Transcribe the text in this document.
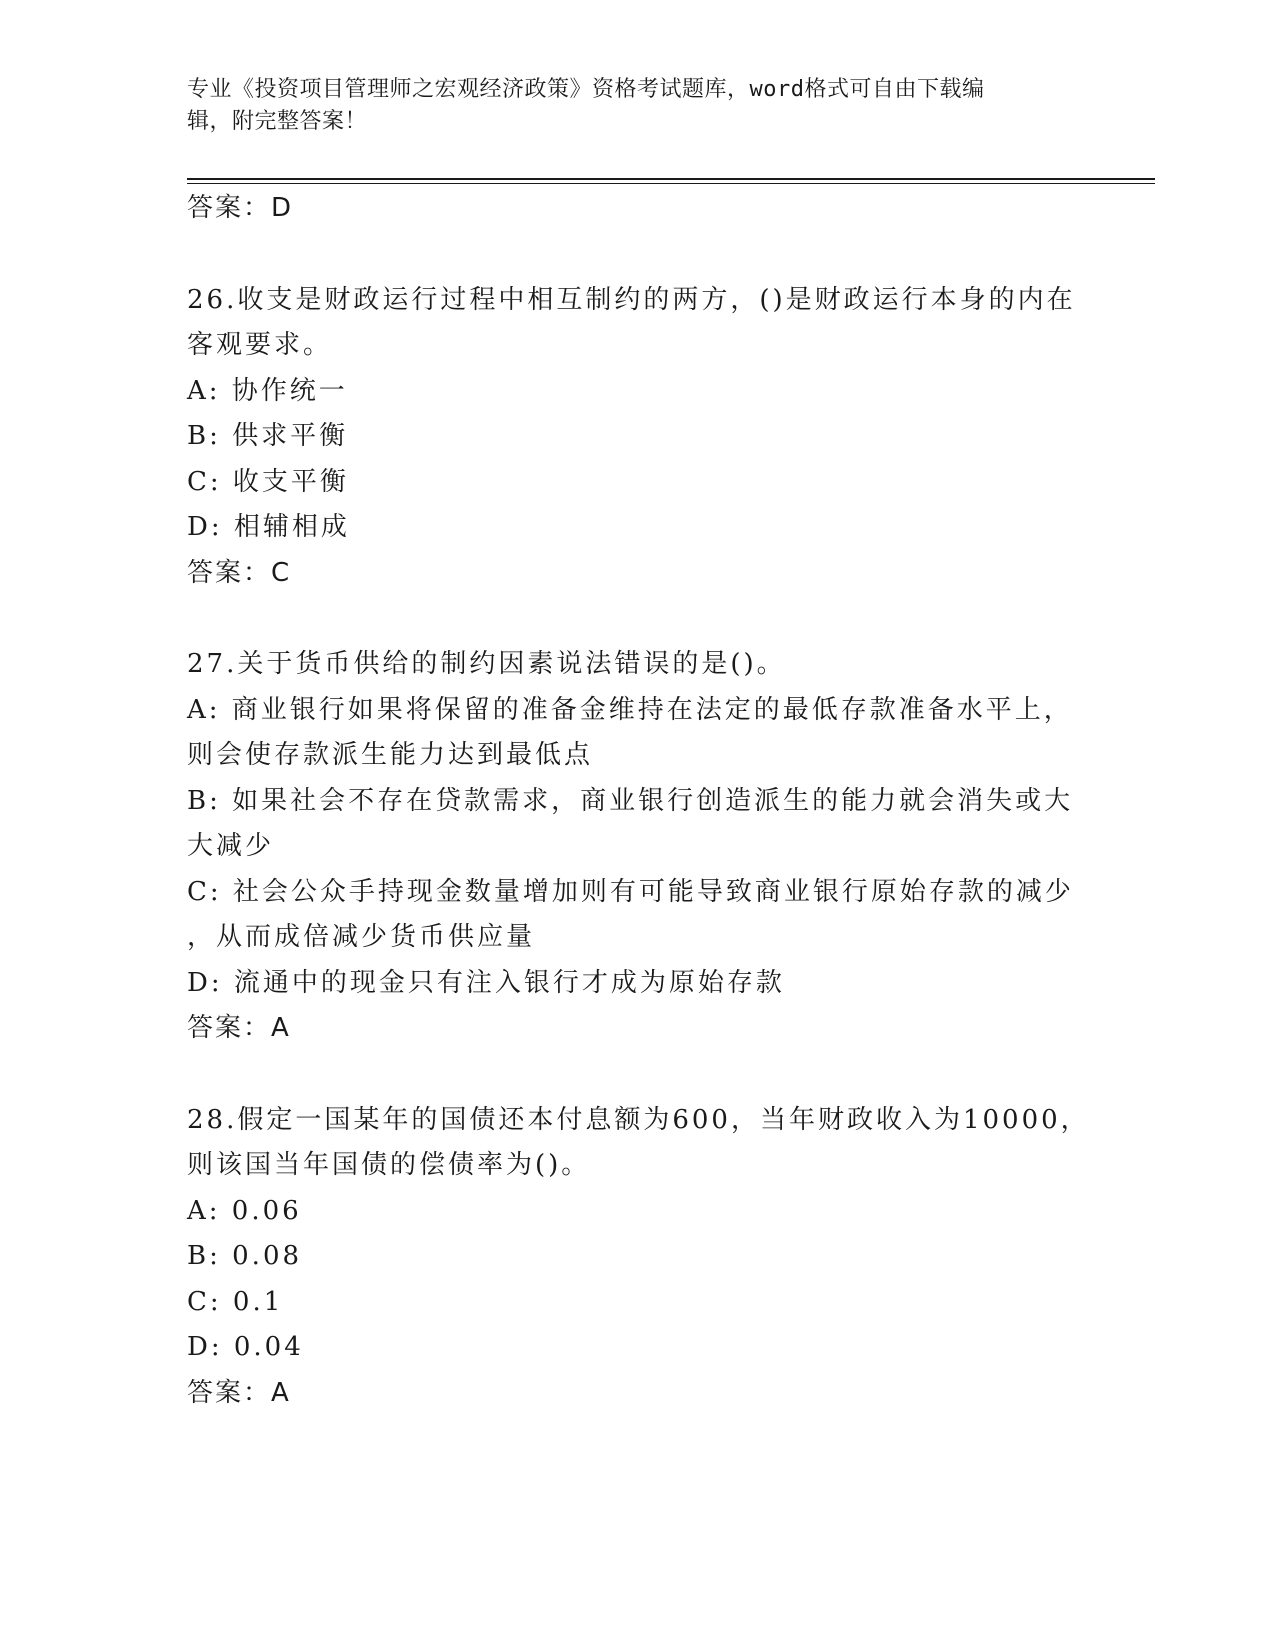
专业《投资项目管理师之宏观经济政策》资格考试题库，word格式可自由下载编
辑，附完整答案！
答案：D
26.收支是财政运行过程中相互制约的两方，()是财政运行本身的内在
客观要求。
A: 协作统一
B: 供求平衡
C: 收支平衡
D: 相辅相成
答案：C
27.关于货币供给的制约因素说法错误的是()。
A: 商业银行如果将保留的准备金维持在法定的最低存款准备水平上，
则会使存款派生能力达到最低点
B: 如果社会不存在贷款需求，商业银行创造派生的能力就会消失或大
大减少
C: 社会公众手持现金数量增加则有可能导致商业银行原始存款的减少
，从而成倍减少货币供应量
D: 流通中的现金只有注入银行才成为原始存款
答案：A
28.假定一国某年的国债还本付息额为600，当年财政收入为10000，
则该国当年国债的偿债率为()。
A: 0.06
B: 0.08
C: 0.1
D: 0.04
答案：A
